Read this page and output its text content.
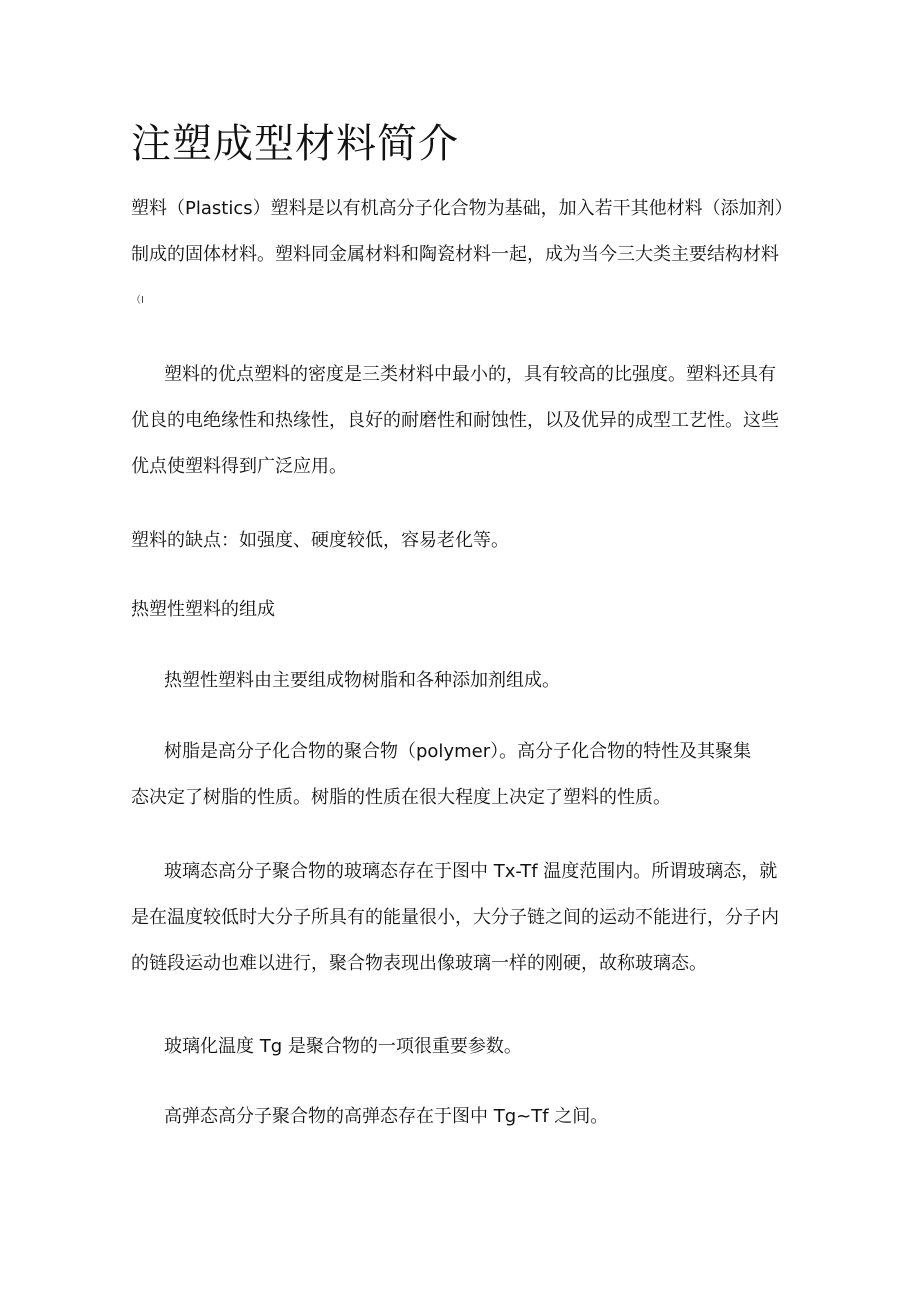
注塑成型材料简介
塑料（Plastics）塑料是以有机高分子化合物为基础，加入若干其他材料（添加剂）
制成的固体材料。塑料同金属材料和陶瓷材料一起，成为当今三大类主要结构材料
（I
塑料的优点塑料的密度是三类材料中最小的，具有较高的比强度。塑料还具有
优良的电绝缘性和热缘性，良好的耐磨性和耐蚀性，以及优异的成型工艺性。这些
优点使塑料得到广泛应用。

塑料的缺点：如强度、硬度较低，容易老化等。

热塑性塑料的组成

热塑性塑料由主要组成物树脂和各种添加剂组成。

树脂是高分子化合物的聚合物（polymer）。高分子化合物的特性及其聚集
态决定了树脂的性质。树脂的性质在很大程度上决定了塑料的性质。
玻璃态高分子聚合物的玻璃态存在于图中 Tx-Tf 温度范围内。所谓玻璃态，就
是在温度较低时大分子所具有的能量很小，大分子链之间的运动不能进行，分子内
的链段运动也难以进行，聚合物表现出像玻璃一样的刚硬，故称玻璃态。

玻璃化温度 Tg 是聚合物的一项很重要参数。

高弹态高分子聚合物的高弹态存在于图中 Tg~Tf 之间。
